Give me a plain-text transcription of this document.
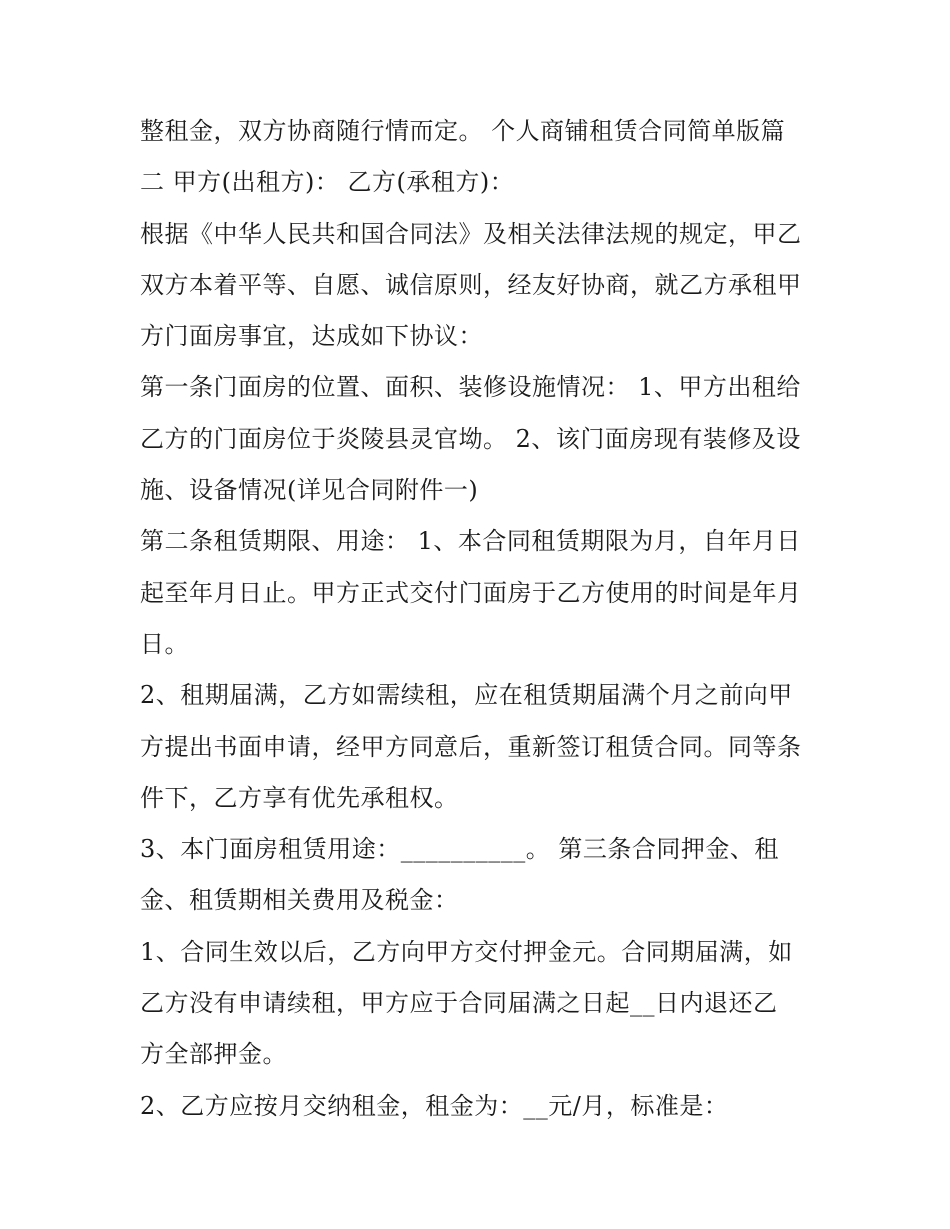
整租金，双方协商随行情而定。 个人商铺租赁合同简单版篇
二 甲方(出租方)： 乙方(承租方)：
根据《中华人民共和国合同法》及相关法律法规的规定，甲乙
双方本着平等、自愿、诚信原则，经友好协商，就乙方承租甲
方门面房事宜，达成如下协议：
第一条门面房的位置、面积、装修设施情况： 1、甲方出租给
乙方的门面房位于炎陵县灵官坳。 2、该门面房现有装修及设
施、设备情况(详见合同附件一)
第二条租赁期限、用途： 1、本合同租赁期限为月，自年月日
起至年月日止。甲方正式交付门面房于乙方使用的时间是年月
日。
2、租期届满，乙方如需续租，应在租赁期届满个月之前向甲
方提出书面申请，经甲方同意后，重新签订租赁合同。同等条
件下，乙方享有优先承租权。
3、本门面房租赁用途：__________。 第三条合同押金、租
金、租赁期相关费用及税金：
1、合同生效以后，乙方向甲方交付押金元。合同期届满，如
乙方没有申请续租，甲方应于合同届满之日起__日内退还乙
方全部押金。
2、乙方应按月交纳租金，租金为：__元/月，标准是：
